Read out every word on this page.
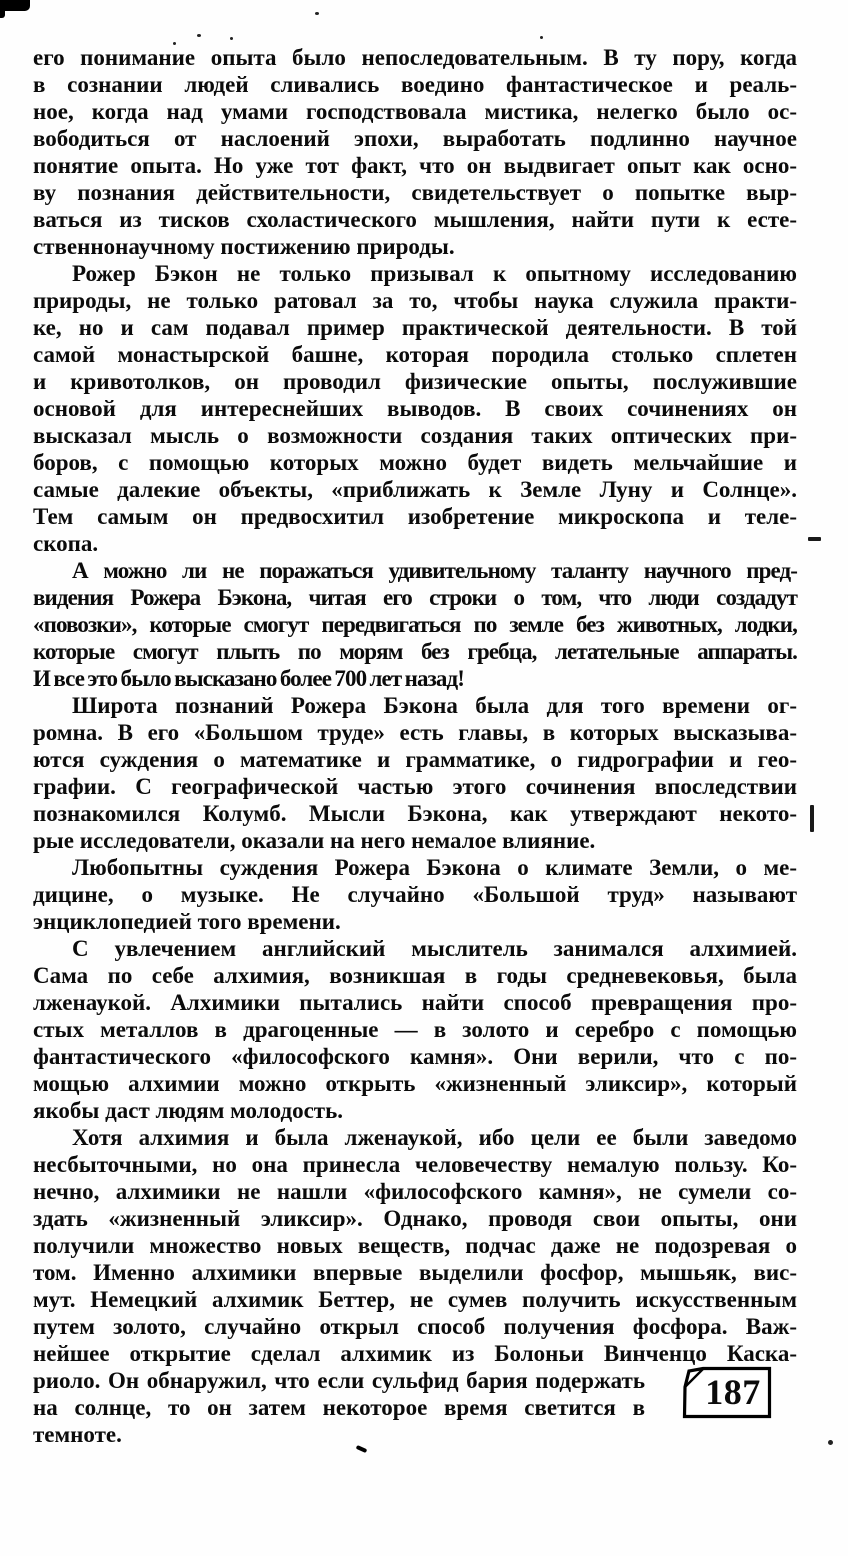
его понимание опыта было непоследовательным. В ту пору, когда
в сознании людей сливались воедино фантастическое и реаль-
ное, когда над умами господствовала мистика, нелегко было ос-
вободиться от наслоений эпохи, выработать подлинно научное
понятие опыта. Но уже тот факт, что он выдвигает опыт как осно-
ву познания действительности, свидетельствует о попытке выр-
ваться из тисков схоластического мышления, найти пути к есте-
ственнонаучному постижению природы.
Рожер Бэкон не только призывал к опытному исследованию
природы, не только ратовал за то, чтобы наука служила практи-
ке, но и сам подавал пример практической деятельности. В той
самой монастырской башне, которая породила столько сплетен
и кривотолков, он проводил физические опыты, послужившие
основой для интереснейших выводов. В своих сочинениях он
высказал мысль о возможности создания таких оптических при-
боров, с помощью которых можно будет видеть мельчайшие и
самые далекие объекты, «приближать к Земле Луну и Солнце».
Тем самым он предвосхитил изобретение микроскопа и теле-
скопа.
А можно ли не поражаться удивительному таланту научного пред-
видения Рожера Бэкона, читая его строки о том, что люди создадут
«повозки», которые смогут передвигаться по земле без животных, лодки,
которые смогут плыть по морям без гребца, летательные аппараты.
И все это было высказано более 700 лет назад!
Широта познаний Рожера Бэкона была для того времени ог-
ромна. В его «Большом труде» есть главы, в которых высказыва-
ются суждения о математике и грамматике, о гидрографии и гео-
графии. С географической частью этого сочинения впоследствии
познакомился Колумб. Мысли Бэкона, как утверждают некото-
рые исследователи, оказали на него немалое влияние.
Любопытны суждения Рожера Бэкона о климате Земли, о ме-
дицине, о музыке. Не случайно «Большой труд» называют
энциклопедией того времени.
С увлечением английский мыслитель занимался алхимией.
Сама по себе алхимия, возникшая в годы средневековья, была
лженаукой. Алхимики пытались найти способ превращения про-
стых металлов в драгоценные — в золото и серебро с помощью
фантастического «философского камня». Они верили, что с по-
мощью алхимии можно открыть «жизненный эликсир», который
якобы даст людям молодость.
Хотя алхимия и была лженаукой, ибо цели ее были заведомо
несбыточными, но она принесла человечеству немалую пользу. Ко-
нечно, алхимики не нашли «философского камня», не сумели со-
здать «жизненный эликсир». Однако, проводя свои опыты, они
получили множество новых веществ, подчас даже не подозревая о
том. Именно алхимики впервые выделили фосфор, мышьяк, вис-
мут. Немецкий алхимик Беттер, не сумев получить искусственным
путем золото, случайно открыл способ получения фосфора. Важ-
нейшее открытие сделал алхимик из Болоньи Винченцо Каска-
риоло. Он обнаружил, что если сульфид бария подержать
на солнце, то он затем некоторое время светится в темноте.
187
